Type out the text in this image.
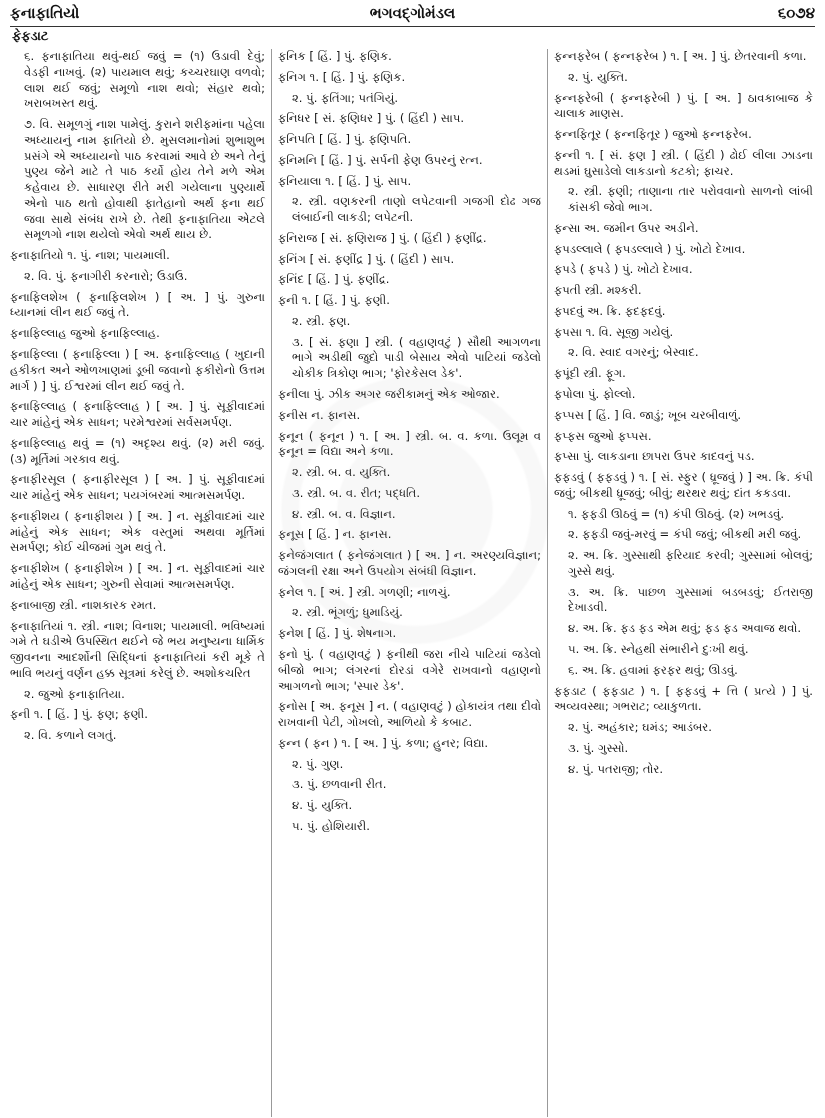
ફનાફાતિયો	ભગવદ્ગોમંડલ	૬૦૭૪
ફેફડાટ
૬. ફનાફાતિયા થવું-થઈ જવું = (૧) ઉડાવી દેવું; વેડફી નાખવું. (૨) પાયમાલ થવું; કચ્ચરઘાણ વળવો; લાશ થઈ જવું; સમૂળો નાશ થવો; સંહાર થવો; ખરાબખસ્ત થવું.
૭. વિ. સમૂળગું નાશ પામેલું. કુરાને શરીફમાંના પહેલા અધ્યાયનું નામ ફાતિયો છે. મુસલમાનોમાં શુભાશુભ પ્રસંગે એ અધ્યાયનો પાઠ કરવામાં આવે છે અને તેનું પુણ્ય જેને માટે તે પાઠ કર્યો હોય તેને મળે એમ કહેવાય છે. સાધારણ રીતે મરી ગયેલાના પુણ્યાર્થે એનો પાઠ થતો હોવાથી ફાતેહાનો અર્થ ફના થઈ જવા સાથે સંબંધ રાખે છે. તેથી ફનાફાતિયા એટલે સમૂળગો નાશ થયેલો એવો અર્થ થાય છે.
ફનાફાતિયો ૧. પું. નાશ; પાયમાલી.
૨. વિ. પું. ફનાગીરી કરનારો; ઉડાઉ.
ફનાફિલશેખ ( ફનાફિલશેખ ) [ અ. ] પું. ગુરુના ધ્યાનમાં લીન થઈ જવું તે.
ફનાફિલ્લાહ જુઓ ફનાફિલ્લાહ.
ફનાફિલ્લા ( ફનાફિલ્લા ) [ અ. ફનાફિલ્લાહ ( ખુદાની હકીકત અને ઓળખાણમાં ડૂબી જવાનો ફકીરોનો ઉત્તમ માર્ગ ) ] પું. ઈશ્વરમાં લીન થઈ જવું તે.
ફનાફિલ્લાહ ( ફનાફિલ્લાહ ) [ અ. ] પું. સૂફીવાદમાં ચાર માંહેનું એક સાધન; પરમેશ્વરમાં સર્વસમર્પણ.
ફનાફિલ્લાહ થવું = (૧) અદૃશ્ય થવું. (૨) મરી જવું. (૩) મૂર્તિમાં ગરકાવ થવું.
ફનાફીરસૂલ ( ફનાફીરસૂલ ) [ અ. ] પું. સૂફીવાદમાં ચાર માંહેનું એક સાધન; પયગંબરમાં આત્મસમર્પણ.
ફનાફીશય ( ફનાફીશય ) [ અ. ] ન. સૂફીવાદમાં ચાર માંહેનું એક સાધન; એક વસ્તુમાં અથવા મૂર્તિમાં સમર્પણ; કોઈ ચીજમાં ગુમ થવું તે.
ફનાફીશેખ ( ફનાફીશેખ ) [ અ. ] ન. સૂફીવાદમાં ચાર માંહેનું એક સાધન; ગુરુની સેવામાં આત્મસમર્પણ.
ફનાબાજી સ્ત્રી. નાશકારક રમત.
ફનાફાતિયાં ૧. સ્ત્રી. નાશ; વિનાશ; પાયમાલી. ભવિષ્યમાં ગમે તે ઘડીએ ઉપસ્થિત થઈને જે ભય મનુષ્યના ધાર્મિક જીવનના આદર્શોની સિદ્ધિનાં ફનાફાતિયાં કરી મૂકે તે ભાવિ ભયનું વર્ણન હક્ક સૂત્રમાં કરેલું છે. અશોકચરિત
૨. જુઓ ફનાફાતિયા.
ફની ૧. [ હિં. ] પું. ફણ; ફણી.
૨. વિ. કળાને લગતું.
ફનિક [ હિં. ] પું. ફણિક.
ફનિગ ૧. [ હિં. ] પું. ફણિક.
૨. પું. ફતિંગા; પતંગિયું.
ફનિધર [ સં. ફણિધર ] પું. ( હિંદી ) સાપ.
ફનિપતિ [ હિં. ] પું. ફણિપતિ.
ફનિમનિ [ હિં. ] પું. સર્પની ફેણ ઉપરનું રત્ન.
ફનિયાલા ૧. [ હિં. ] પું. સાપ.
૨. સ્ત્રી. વણકરની તાણો લપેટવાની ગજગી દોઢ ગજ લંબાઈની લાકડી; લપેટની.
ફનિરાજ [ સં. ફણિરાજ ] પું. ( હિંદી ) ફણીંદ્ર.
ફનિંગ [ સં. ફણીંદ્ર ] પું. ( હિંદી ) સાપ.
ફનિંદ [ હિં. ] પું. ફણીંદ્ર.
ફની ૧. [ હિં. ] પું. ફણી.
૨. સ્ત્રી. ફણ.
૩. [ સં. ફણા ] સ્ત્રી. ( વહાણવટું ) સૌથી આગળના ભાગે અડીથી જુદો પાડી બેસાય એવો પાટિયાં જડેલો ચોકીક ત્રિકોણ ભાગ; 'ફોરકેસલ ડેક'.
ફનીલા પું. ઝીક અગર જરીકામનું એક ઓજાર.
ફનીસ ન. ફાનસ.
ફનૂન ( ફનૂન ) ૧. [ અ. ] સ્ત્રી. બ. વ. કળા. ઉલૂમ વ ફનૂન = વિદ્યા અને કળા.
૨. સ્ત્રી. બ. વ. યુક્તિ.
૩. સ્ત્રી. બ. વ. રીત; પદ્ધતિ.
૪. સ્ત્રી. બ. વ. વિજ્ઞાન.
ફનૂસ [ હિં. ] ન. ફાનસ.
ફનેજંગલાત ( ફનેજંગલાત ) [ અ. ] ન. અરણ્યવિજ્ઞાન; જંગલની રક્ષા અને ઉપયોગ સંબંધી વિજ્ઞાન.
ફનેલ ૧. [ અં. ] સ્ત્રી. ગળણી; નાળચું.
૨. સ્ત્રી. ભૂંગળું; ધુમાડિયું.
ફનેશ [ હિં. ] પું. શેષનાગ.
ફનો પું. ( વહાણવટું ) ફનીથી જરા નીચે પાટિયાં જડેલો બીજો ભાગ; લંગરનાં દોરડાં વગેરે રાખવાનો વહાણનો આગળનો ભાગ; 'સ્પાર ડેક'.
ફનોસ [ અ. ફનૂસ ] ન. ( વહાણવટું ) હોકાયંત્ર તથા દીવો રાખવાની પેટી, ગોખલો, આળિયો કે કબાટ.
ફન્ન ( ફન ) ૧. [ અ. ] પું. કળા; હુનર; વિદ્યા.
૨. પું. ગુણ.
૩. પું. છળવાની રીત.
૪. પું. યુક્તિ.
૫. પું. હોશિયારી.
ફન્નફરેબ ( ફન્નફરેબ ) ૧. [ અ. ] પું. છેતરવાની કળા.
૨. પું. યુક્તિ.
ફન્નફરેબી ( ફન્નફરેબી ) પું. [ અ. ] ઠાવકાબાજ કે ચાલાક માણસ.
ફન્નફિતૂર ( ફન્નફિતૂર ) જુઓ ફન્નફરેબ.
ફન્ની ૧. [ સં. ફણ ] સ્ત્રી. ( હિંદી ) ઢોઈ લીલા ઝાડના થડમાં ઘુસાડેલો લાકડાનો કટકો; ફાચર.
૨. સ્ત્રી. ફણી; તાણાના તાર પરોવવાનો સાળનો લાંબી કાંસકી જેવો ભાગ.
ફન્સા અ. જમીન ઉપર અડીને.
ફપડલ્લાલે ( ફપડલ્લાલે ) પું. ખોટો દેખાવ.
ફપડે ( ફપડે ) પું. ખોટો દેખાવ.
ફપતી સ્ત્રી. મશ્કરી.
ફપદવું અ. ક્રિ. ફદફદવું.
ફપસા ૧. વિ. સૂજી ગયેલું.
૨. વિ. સ્વાદ વગરનું; બેસ્વાદ.
ફપૂંદી સ્ત્રી. ફૂગ.
ફપોલા પું. ફોલ્લો.
ફપ્પસ [ હિં. ] વિ. જાડું; ખૂબ ચરબીવાળું.
ફપ્ફસ જુઓ ફપ્પસ.
ફપ્સા પું. લાકડાના છાપરા ઉપર કાદવનું પડ.
ફફડવું ( ફફડવું ) ૧. [ સં. સ્ફુર ( ધ્રૂજવું ) ] અ. ક્રિ. કંપી જવું; બીકથી ધ્રૂજવું; બીવું; થરથર થવું; દાંત કકડવા.
૧. ફફડી ઊઠવું = (૧) કંપી ઊઠવું. (૨) ખભડવું.
૨. ફફડી જવું-મરવું = કંપી જવું; બીકથી મરી જવું.
૨. અ. ક્રિ. ગુસ્સાથી ફરિયાદ કરવી; ગુસ્સામાં બોલવું; ગુસ્સે થવું.
૩. અ. ક્રિ. પાછળ ગુસ્સામાં બડબડવું; ઈતરાજી દેખાડવી.
૪. અ. ક્રિ. ફડ ફડ એમ થવું; ફડ ફડ અવાજ થવો.
૫. અ. ક્રિ. સ્નેહથી સંભારીને દુઃખી થવું.
૬. અ. ક્રિ. હવામાં ફરફર થવું; ઊડવું.
ફફડાટ ( ફફડાટ ) ૧. [ ફફડવું + ત્તિ ( પ્રત્યે ) ] પું. અવ્યવસ્થા; ગભરાટ; વ્યાકુળતા.
૨. પું. અહંકાર; ઘમંડ; આડંબર.
૩. પું. ગુસ્સો.
૪. પું. પતરાજી; તોર.
